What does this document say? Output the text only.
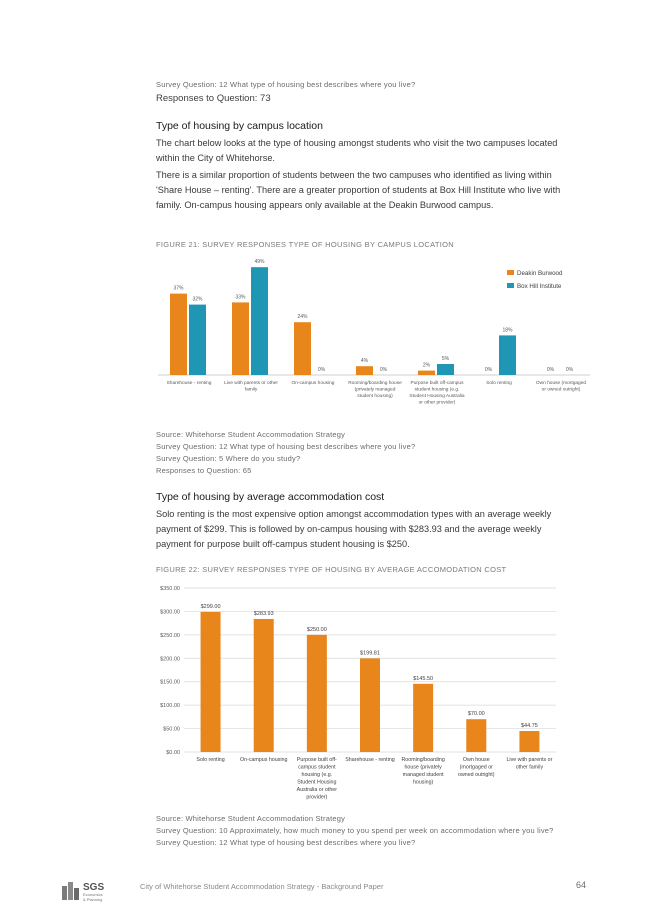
Survey Question: 12 What type of housing best describes where you live?
Responses to Question: 73
Type of housing by campus location
The chart below looks at the type of housing amongst students who visit the two campuses located within the City of Whitehorse.
There is a similar proportion of students between the two campuses who identified as living within 'Share House – renting'. There are a greater proportion of students at Box Hill Institute who live with family. On-campus housing appears only available at the Deakin Burwood campus.
FIGURE 21: SURVEY RESPONSES TYPE OF HOUSING BY CAMPUS LOCATION
37%
32%
Sharehouse - renting
33%
49%
Live with parents or other family
24%
0%
On-campus housing
4%
0%
Rooming/boarding house (privately managed student housing)
2%
5%
Purpose built off-campus student housing (e.g. Student Housing Australia or other provider)
0%
18%
Solo renting
0% 0%
Own house (mortgaged or owned outright)
Deakin Burwood
Box Hill Institute
Source: Whitehorse Student Accommodation Strategy
Survey Question: 12 What type of housing best describes where you live?
Survey Question: 5 Where do you study?
Responses to Question: 65
Type of housing by average accommodation cost
Solo renting is the most expensive option amongst accommodation types with an average weekly payment of $299. This is followed by on-campus housing with $283.93 and the average weekly payment for purpose built off-campus student housing is $250.
FIGURE 22: SURVEY RESPONSES TYPE OF HOUSING BY AVERAGE ACCOMODATION COST
$0.00
$50.00
$100.00
$150.00
$200.00
$250.00
$300.00
$350.00
$299.00
Solo renting
$283.93
On-campus housing
$250.00
Purpose built off-campus student housing (e.g. Student Housing Australia or other provider)
$199.81
Sharehouse - renting
$145.50
Rooming/boarding house (privately managed student housing)
$70.00
Own house (mortgaged or owned outright)
$44.75
Live with parents or other family
Source: Whitehorse Student Accommodation Strategy
Survey Question: 10 Approximately, how much money to you spend per week on accommodation where you live?
Survey Question: 12 What type of housing best describes where you live?
SGS
Economics
& Planning
City of Whitehorse Student Accommodation Strategy - Background Paper	64
